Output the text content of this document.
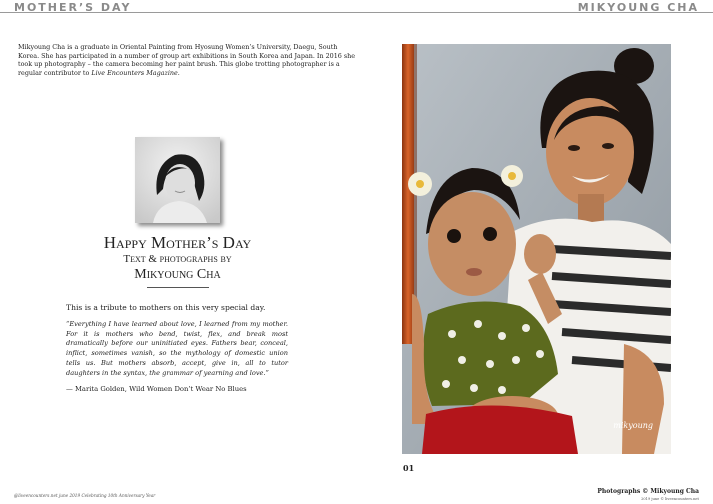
MOTHER’S DAY	MIKYOUNG CHA
Mikyoung Cha is a graduate in Oriental Painting from Hyosung Women’s University, Daegu, South Korea. She has participated in a number of group art exhibitions in South Korea and Japan. In 2016 she took up photography – the camera becoming her paint brush. This globe trotting photographer is a regular contributor to Live Encounters Magazine.
Happy Mother’s Day
Text & photographs by
Mikyoung Cha
This is a tribute to mothers on this very special day.
“Everything I have learned about love, I learned from my mother. For it is mothers who bend, twist, flex, and break most dramatically before our uninitiated eyes. Fathers bear, conceal, inflict, sometimes vanish, so the mythology of domestic union tells us. But mothers absorb, accept, give in, all to tutor daughters in the syntax, the grammar of yearning and love.”
— Marita Golden, Wild Women Don’t Wear No Blues
mikyoung
01
@liveencounters.net june 2019 Celebrating 10th Anniversary Year
Photographs © Mikyoung Cha
2019 june © liveencounters.net
